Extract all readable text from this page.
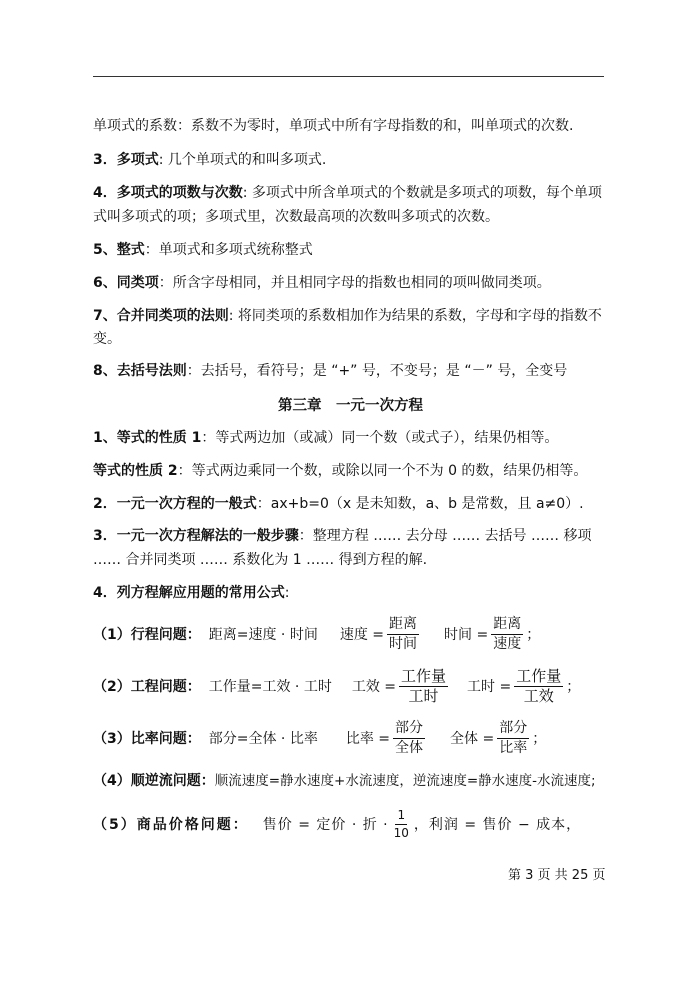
单项式的系数：系数不为零时，单项式中所有字母指数的和，叫单项式的次数.
3．多项式: 几个单项式的和叫多项式.
4．多项式的项数与次数: 多项式中所含单项式的个数就是多项式的项数，每个单项
式叫多项式的项；多项式里，次数最高项的次数叫多项式的次数。
5、整式：单项式和多项式统称整式
6、同类项：所含字母相同，并且相同字母的指数也相同的项叫做同类项。
7、合并同类项的法则: 将同类项的系数相加作为结果的系数，字母和字母的指数不
变。
8、去括号法则：去括号，看符号；是 “+” 号，不变号；是 “－” 号，全变号
第三章　一元一次方程
1、等式的性质 1：等式两边加（或减）同一个数（或式子），结果仍相等。
等式的性质 2：等式两边乘同一个数，或除以同一个不为 0 的数，结果仍相等。
2．一元一次方程的一般式：ax+b=0（x 是未知数，a、b 是常数，且 a≠0）.
3．一元一次方程解法的一般步骤：整理方程 …… 去分母 …… 去括号 …… 移项
…… 合并同类项 …… 系数化为 1 …… 得到方程的解.
4．列方程解应用题的常用公式:
（1）行程问题： 距离=速度 · 时间 速度 = $\frac{\text{距离}}{\text{时间}}$ 时间 = $\frac{\text{距离}}{\text{速度}}$ ；
（2）工程问题： 工作量=工效 · 工时 工效 = $\frac{\text{工作量}}{\text{工时}}$ 工时 = $\frac{\text{工作量}}{\text{工效}}$ ；
（3）比率问题： 部分=全体 · 比率 比率 = $\frac{\text{部分}}{\text{全体}}$ 全体 = $\frac{\text{部分}}{\text{比率}}$ ；
（4）顺逆流问题：顺流速度=静水速度+水流速度，逆流速度=静水速度-水流速度;
（5）商品价格问题： 售价 = 定价 · 折 · $\frac{1}{10}$ ，利润 = 售价 − 成本，
第 3 页 共 25 页
